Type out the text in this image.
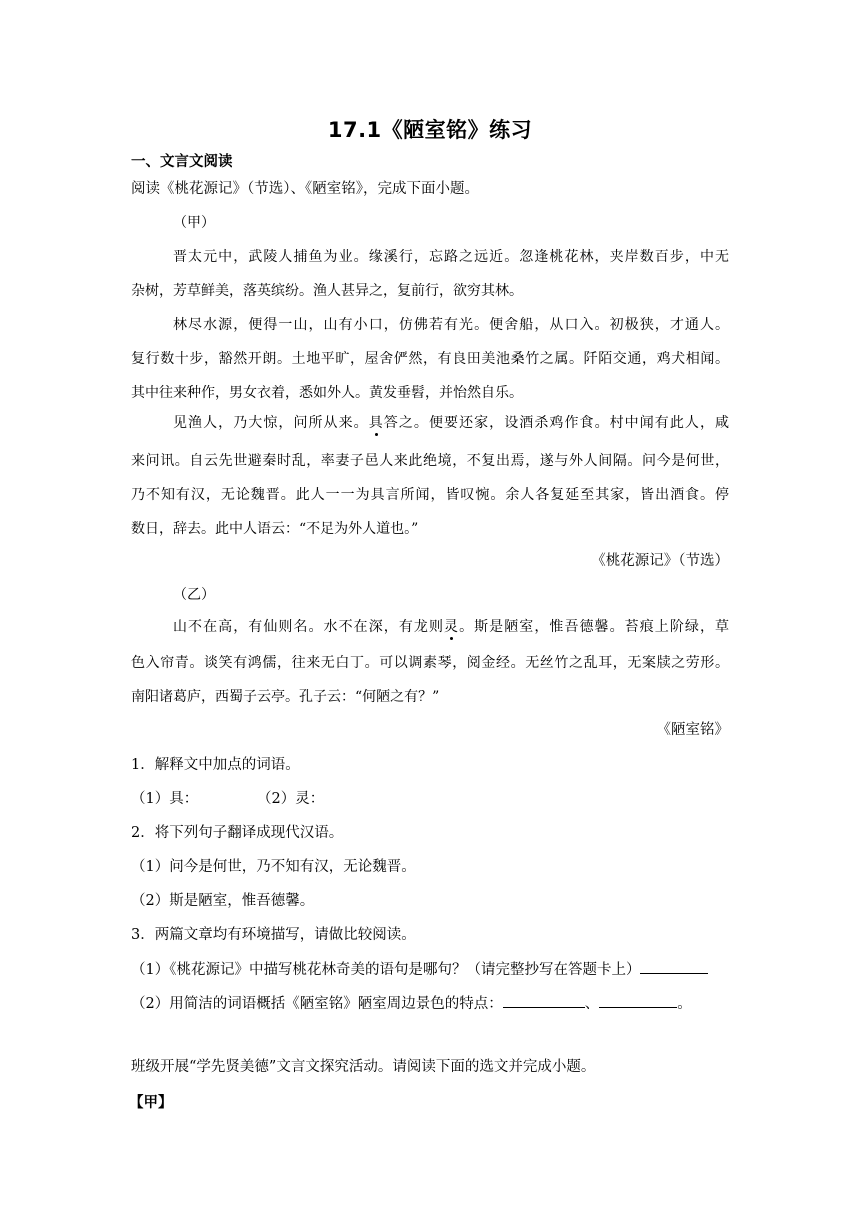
17.1《陋室铭》练习
一、文言文阅读
阅读《桃花源记》（节选）、《陋室铭》，完成下面小题。
（甲）
晋太元中，武陵人捕鱼为业。缘溪行，忘路之远近。忽逢桃花林，夹岸数百步，中无
杂树，芳草鲜美，落英缤纷。渔人甚异之，复前行，欲穷其林。
林尽水源，便得一山，山有小口，仿佛若有光。便舍船，从口入。初极狭，才通人。
复行数十步，豁然开朗。土地平旷，屋舍俨然，有良田美池桑竹之属。阡陌交通，鸡犬相闻。
其中往来种作，男女衣着，悉如外人。黄发垂髫，并怡然自乐。
见渔人，乃大惊，问所从来。具答之。便要还家，设酒杀鸡作食。村中闻有此人，咸
来问讯。自云先世避秦时乱，率妻子邑人来此绝境，不复出焉，遂与外人间隔。问今是何世，
乃不知有汉，无论魏晋。此人一一为具言所闻，皆叹惋。余人各复延至其家，皆出酒食。停
数日，辞去。此中人语云：“不足为外人道也。”
《桃花源记》（节选）
（乙）
山不在高，有仙则名。水不在深，有龙则灵。斯是陋室，惟吾德馨。苔痕上阶绿，草
色入帘青。谈笑有鸿儒，往来无白丁。可以调素琴，阅金经。无丝竹之乱耳，无案牍之劳形。
南阳诸葛庐，西蜀子云亭。孔子云：“何陋之有？”
《陋室铭》
1．解释文中加点的词语。
（1）具：	（2）灵：
2．将下列句子翻译成现代汉语。
（1）问今是何世，乃不知有汉，无论魏晋。
（2）斯是陋室，惟吾德馨。
3．两篇文章均有环境描写，请做比较阅读。
（1）《桃花源记》中描写桃花林奇美的语句是哪句？（请完整抄写在答题卡上）
（2）用简洁的词语概括《陋室铭》陋室周边景色的特点：	、	。
班级开展“学先贤美德”文言文探究活动。请阅读下面的选文并完成小题。
【甲】
